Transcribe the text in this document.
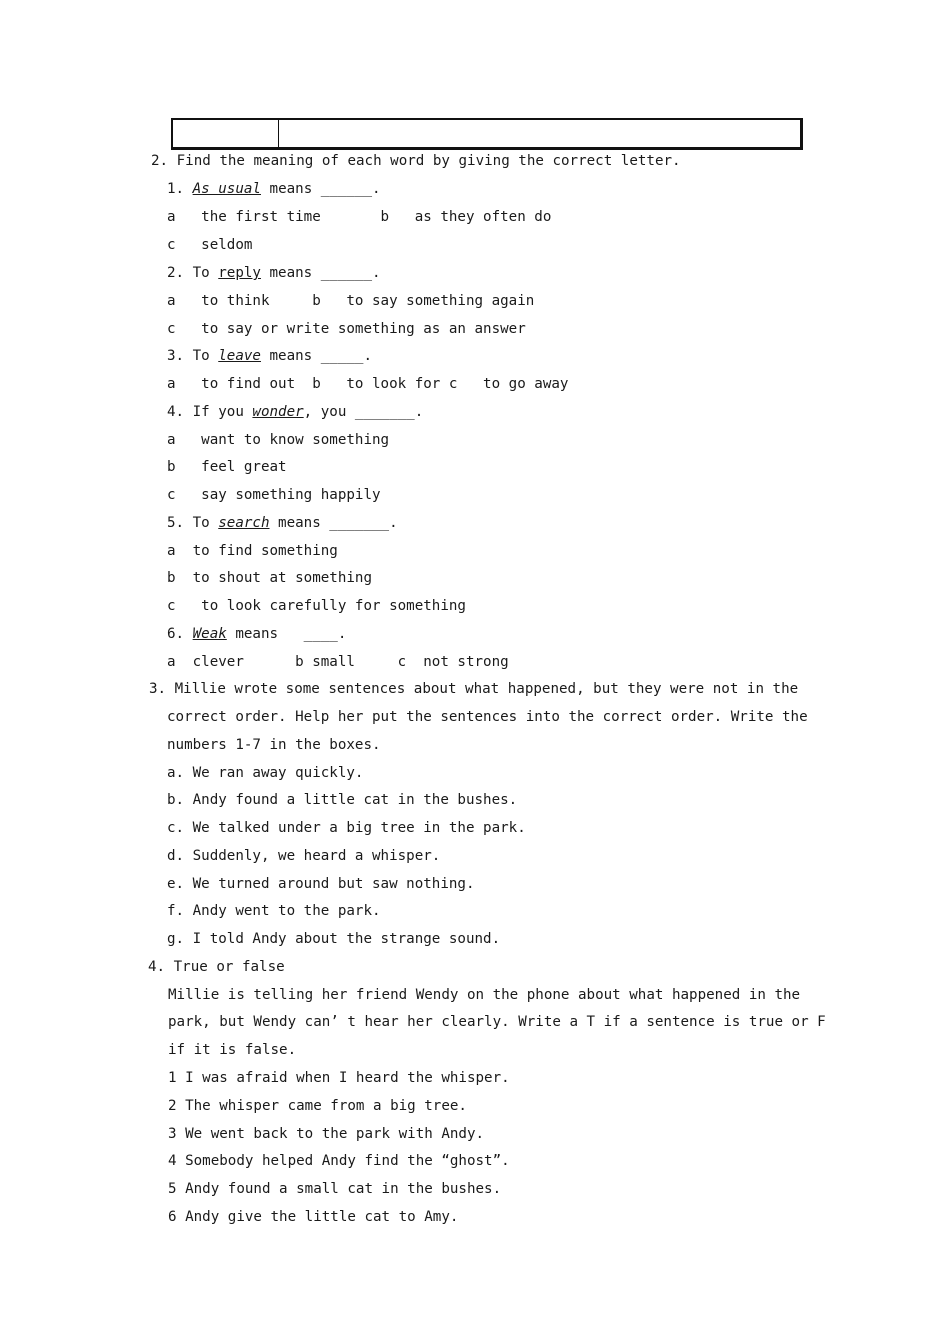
2. Find the meaning of each word by giving the correct letter.
1. As usual means ______.
a   the first time       b   as they often do
c   seldom
2. To reply means ______.
a   to think     b   to say something again
c   to say or write something as an answer
3. To leave means _____.
a   to find out  b   to look for c   to go away
4. If you wonder, you _______.
a   want to know something
b   feel great
c   say something happily
5. To search means _______.
a  to find something
b  to shout at something
c   to look carefully for something
6. Weak means   ____.
a  clever      b small     c  not strong
3. Millie wrote some sentences about what happened, but they were not in the
correct order. Help her put the sentences into the correct order. Write the
numbers 1-7 in the boxes.
a. We ran away quickly.
b. Andy found a little cat in the bushes.
c. We talked under a big tree in the park.
d. Suddenly, we heard a whisper.
e. We turned around but saw nothing.
f. Andy went to the park.
g. I told Andy about the strange sound.
4. True or false
Millie is telling her friend Wendy on the phone about what happened in the
park, but Wendy can’ t hear her clearly. Write a T if a sentence is true or F
if it is false.
1 I was afraid when I heard the whisper.
2 The whisper came from a big tree.
3 We went back to the park with Andy.
4 Somebody helped Andy find the “ghost”.
5 Andy found a small cat in the bushes.
6 Andy give the little cat to Amy.
